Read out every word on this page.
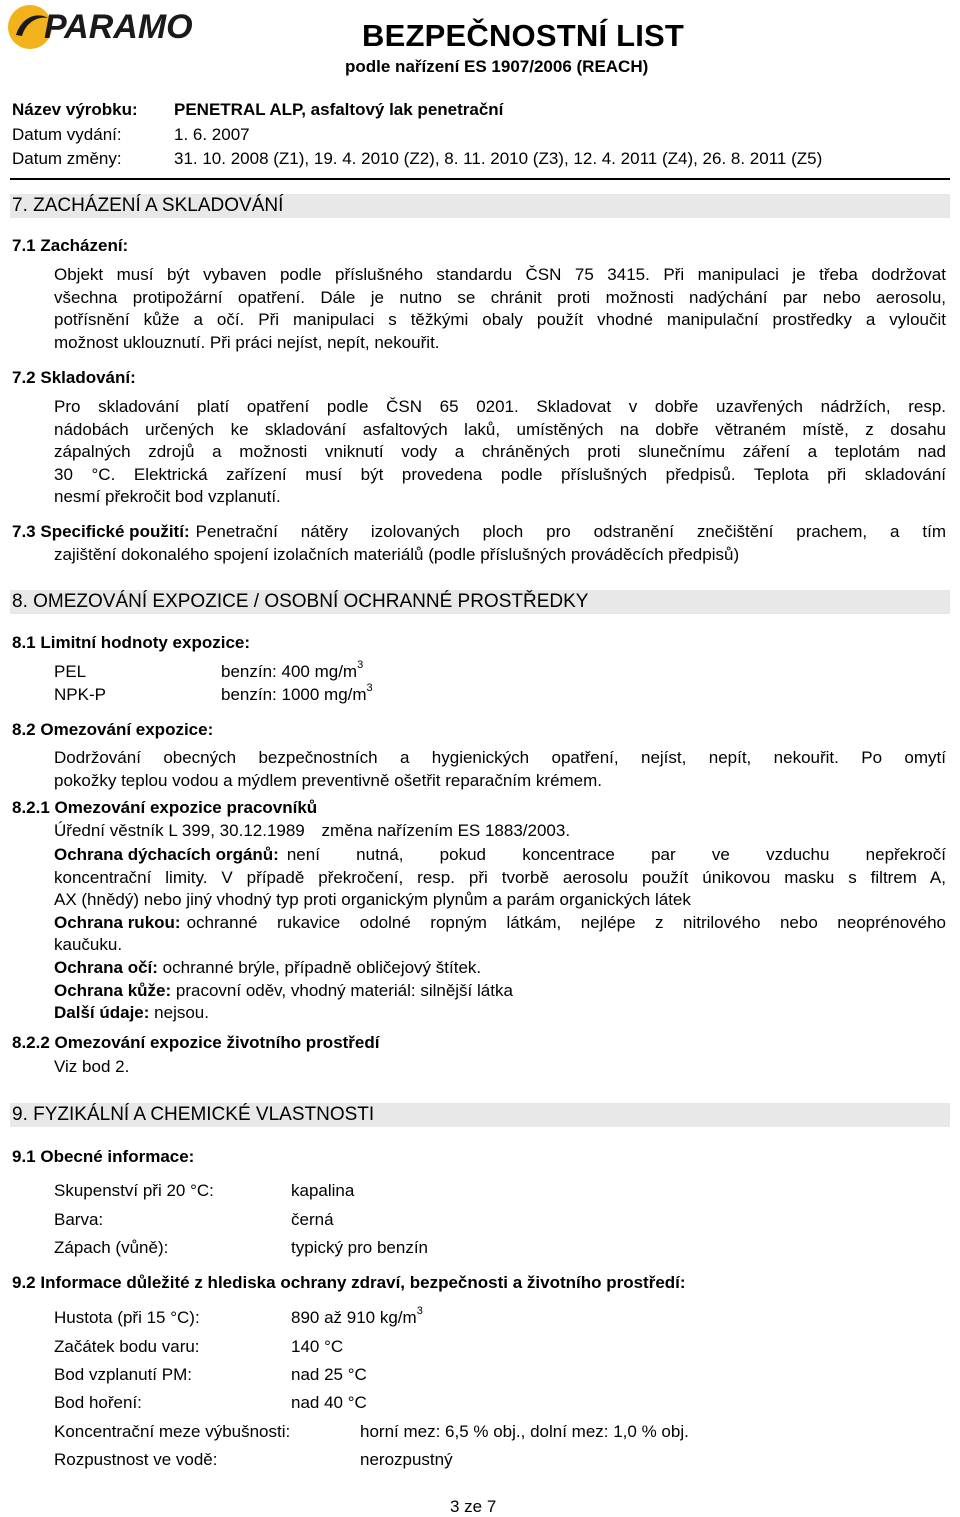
PARAMO	BEZPEČNOSTNÍ LIST
podle nařízení ES 1907/2006 (REACH)
Název výrobku: PENETRAL ALP, asfaltový lak penetrační
Datum vydání:	1. 6. 2007
Datum změny:	31. 10. 2008 (Z1), 19. 4. 2010 (Z2), 8. 11. 2010 (Z3), 12. 4. 2011 (Z4), 26. 8. 2011 (Z5)
7. ZACHÁZENÍ A SKLADOVÁNÍ
7.1 Zacházení:

Objekt musí být vybaven podle příslušného standardu ČSN 75 3415. Při manipulaci je třeba dodržovat

všechna protipožární opatření. Dále je nutno se chránit proti možnosti nadýchání par nebo aerosolu,

potřísnění kůže a očí. Při manipulaci s těžkými obaly použít vhodné manipulační prostředky a vyloučit

možnost uklouznutí. Při práci nejíst, nepít, nekouřit.

7.2 Skladování:

Pro skladování platí opatření podle ČSN 65 0201. Skladovat v dobře uzavřených nádržích, resp.

nádobách určených ke skladování asfaltových laků, umístěných na dobře větraném místě, z dosahu

zápalných zdrojů a možnosti vniknutí vody a chráněných proti slunečnímu záření a teplotám nad

30 °C. Elektrická zařízení musí být provedena podle příslušných předpisů. Teplota při skladování

nesmí překročit bod vzplanutí.

7.3 Specifické použití: Penetrační nátěry izolovaných ploch pro odstranění znečištění prachem, a tím
zajištění dokonalého spojení izolačních materiálů (podle příslušných prováděcích předpisů)
8. OMEZOVÁNÍ EXPOZICE / OSOBNÍ OCHRANNÉ PROSTŘEDKY
8.1 Limitní hodnoty expozice:
PEL	benzín: 400 $mg/m^3$
NPK-P	benzín: 1000 $mg/m^3$
8.2 Omezování expozice:

Dodržování obecných bezpečnostních a hygienických opatření, nejíst, nepít, nekouřit. Po omytí

pokožky teplou vodou a mýdlem preventivně ošetřit reparačním krémem.

8.2.1 Omezování expozice pracovníků
Úřední věstník L 399, 30.12.1989 změna nařízením ES 1883/2003.

Ochrana dýchacích orgánů: není nutná, pokud koncentrace par ve vzduchu nepřekročí

koncentrační limity. V případě překročení, resp. při tvorbě aerosolu použít únikovou masku s filtrem A,

AX (hnědý) nebo jiný vhodný typ proti organickým plynům a parám organických látek

Ochrana rukou: ochranné rukavice odolné ropným látkám, nejlépe z nitrilového nebo neoprénového

kaučuku.

Ochrana očí: ochranné brýle, případně obličejový štítek.

Ochrana kůže: pracovní oděv, vhodný materiál: silnější látka

Další údaje: nejsou.

8.2.2 Omezování expozice životního prostředí
Viz bod 2.
9. FYZIKÁLNÍ A CHEMICKÉ VLASTNOSTI
9.1 Obecné informace:
Skupenství při 20 °C:	kapalina
Barva:	černá
Zápach (vůně):	typický pro benzín
9.2 Informace důležité z hlediska ochrany zdraví, bezpečnosti a životního prostředí:
Hustota (při 15 °C):	890 až 910 $kg/m^3$
Začátek bodu varu:	140 °C
Bod vzplanutí PM:	nad 25 °C
Bod hoření:	nad 40 °C
Koncentrační meze výbušnosti:	horní mez: 6,5 % obj., dolní mez: 1,0 % obj.
Rozpustnost ve vodě:	nerozpustný
3 ze 7
